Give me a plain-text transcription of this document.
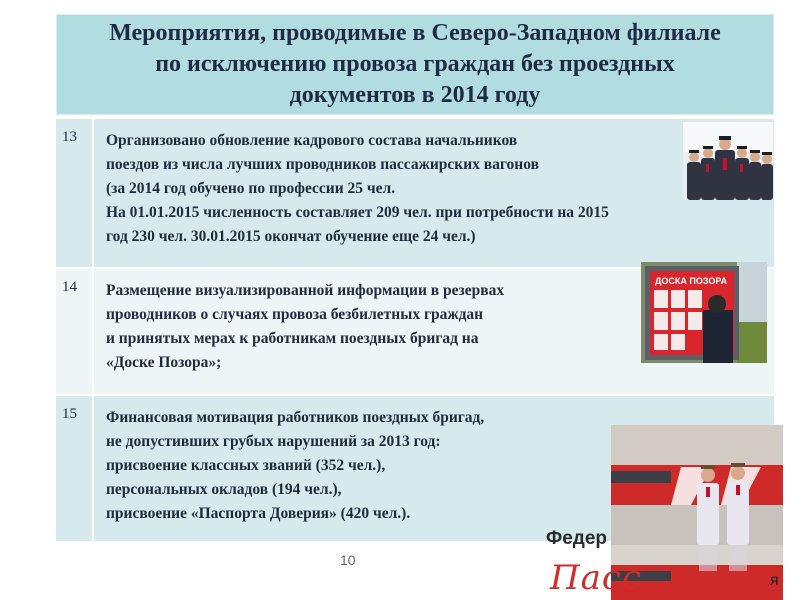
Мероприятия, проводимые в Северо-Западном филиале
по исключению провоза граждан без проездных
документов в 2014 году
13	Организовано обновление кадрового состава начальников
поездов из числа лучших проводников пассажирских вагонов
(за 2014 год обучено по профессии 25 чел.
На 01.01.2015 численность составляет 209 чел. при потребности на 2015
год 230 чел. 30.01.2015 окончат обучение еще 24 чел.)
14	Размещение визуализированной информации в резервах
проводников о случаях провоза безбилетных граждан
и принятых мерах к работникам поездных бригад на
«Доске Позора»;
15	Финансовая мотивация работников поездных бригад,
не допустивших грубых нарушений за 2013 год:
присвоение классных званий (352 чел.),
персональных окладов (194 чел.),
присвоение «Паспорта Доверия» (420 чел.).
ДОСКА ПОЗОРА
10
Федер
Пасс	я
